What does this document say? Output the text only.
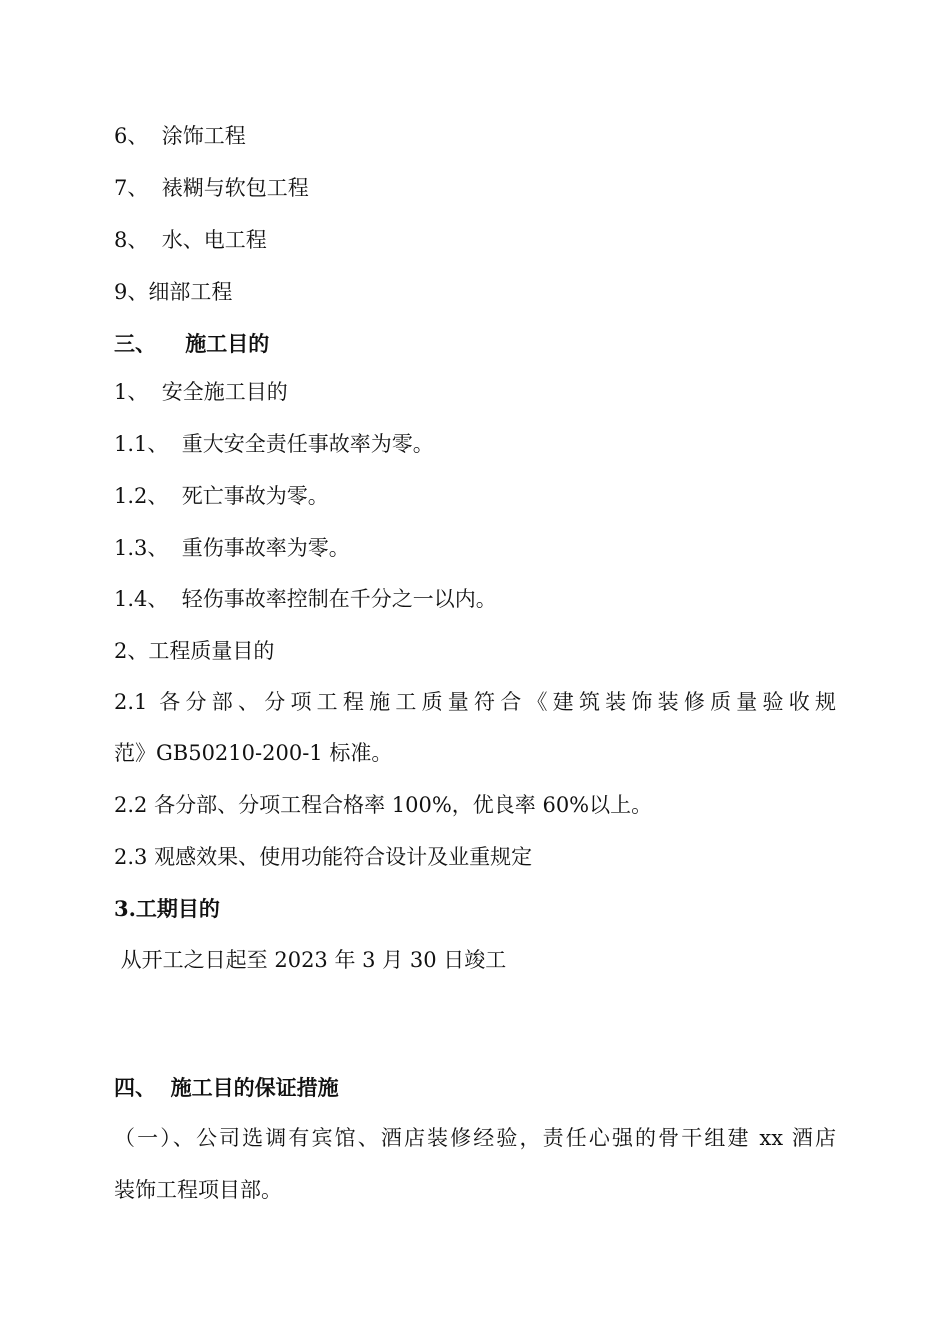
6、  涂饰工程
7、  裱糊与软包工程
8、  水、电工程
9、细部工程
三、    施工目的
1、  安全施工目的
1.1、  重大安全责任事故率为零。
1.2、  死亡事故为零。
1.3、  重伤事故率为零。
1.4、  轻伤事故率控制在千分之一以内。
2、工程质量目的
2.1 各分部、分项工程施工质量符合《建筑装饰装修质量验收规
范》GB50210-200-1 标准。
2.2 各分部、分项工程合格率 100%，优良率 60%以上。
2.3 观感效果、使用功能符合设计及业重规定
3.工期目的
从开工之日起至 2023 年 3 月 30 日竣工
四、  施工目的保证措施
（一）、公司选调有宾馆、酒店装修经验，责任心强的骨干组建 xx 酒店
装饰工程项目部。
